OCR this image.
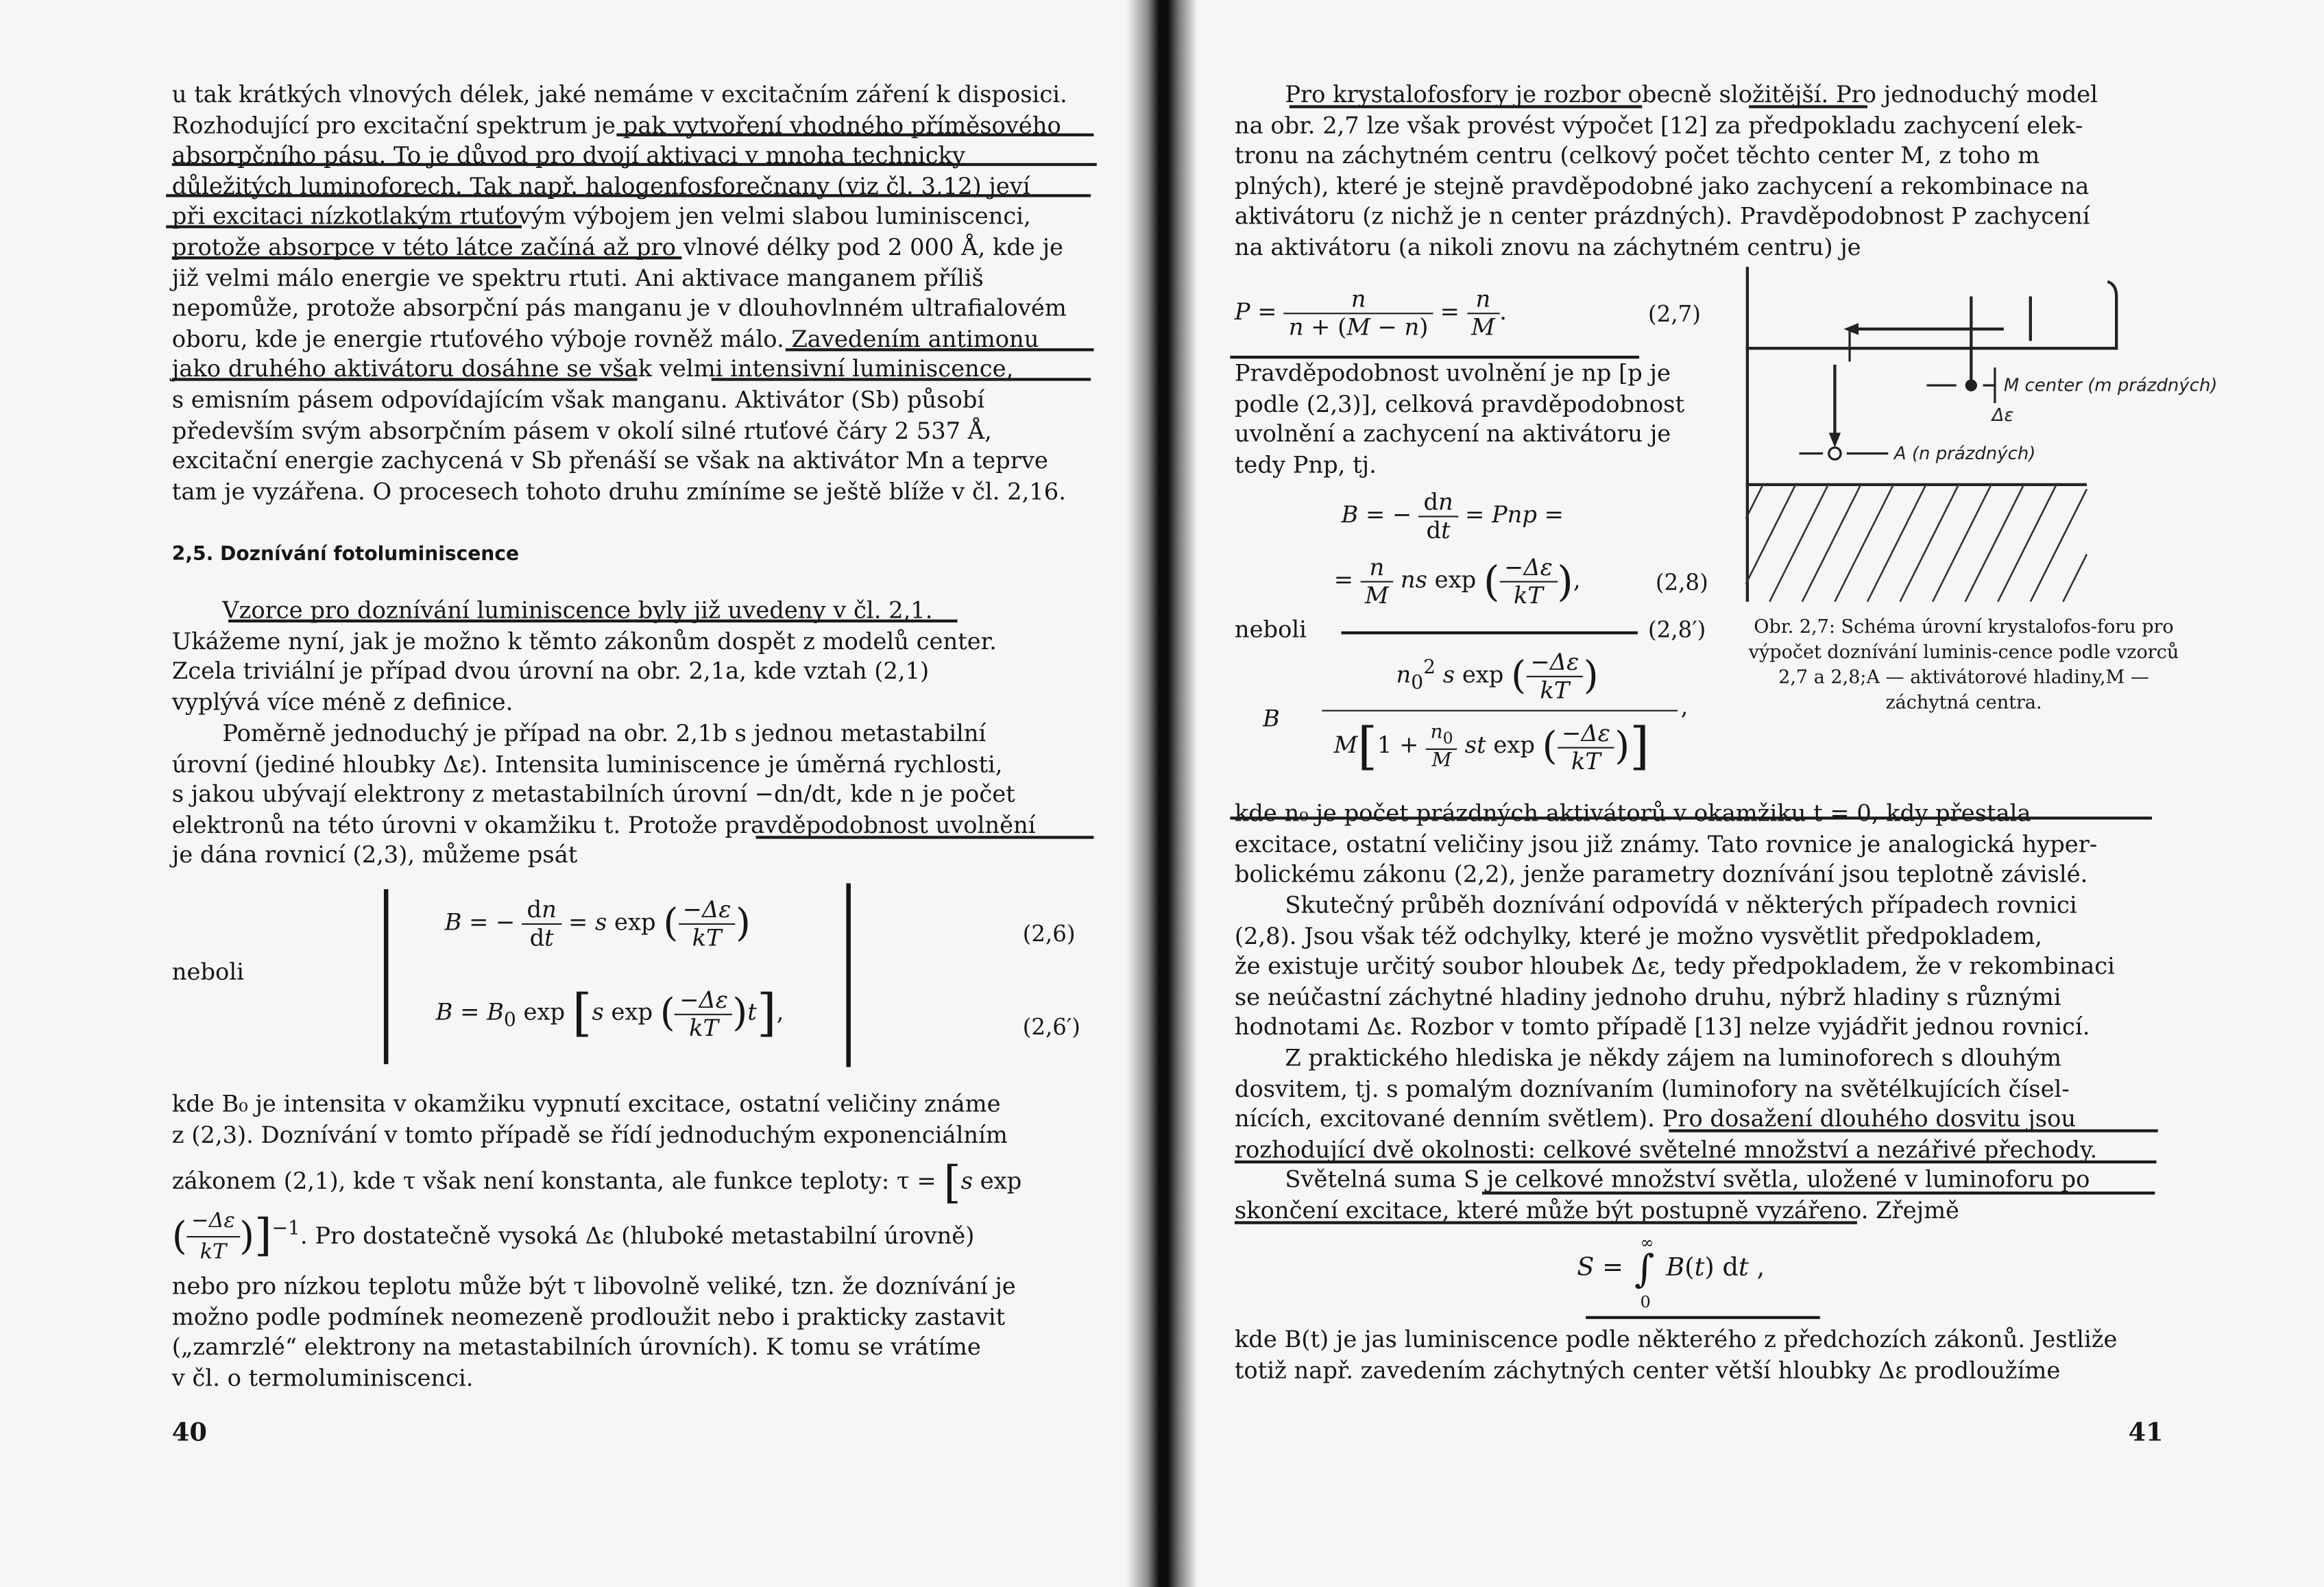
u tak krátkých vlnových délek, jaké nemáme v excitačním záření k disposici.
Rozhodující pro excitační spektrum je pak vytvoření vhodného příměsového
absorpčního pásu. To je důvod pro dvojí aktivaci v mnoha technicky
důležitých luminoforech. Tak např. halogenfosforečnany (viz čl. 3,12) jeví
při excitaci nízkotlakým rtuťovým výbojem jen velmi slabou luminiscenci,
protože absorpce v této látce začíná až pro vlnové délky pod 2 000 Å, kde je
již velmi málo energie ve spektru rtuti. Ani aktivace manganem příliš
nepomůže, protože absorpční pás manganu je v dlouhovlnném ultrafialovém
oboru, kde je energie rtuťového výboje rovněž málo. Zavedením antimonu
jako druhého aktivátoru dosáhne se však velmi intensivní luminiscence,
s emisním pásem odpovídajícím však manganu. Aktivátor (Sb) působí
především svým absorpčním pásem v okolí silné rtuťové čáry 2 537 Å,
excitační energie zachycená v Sb přenáší se však na aktivátor Mn a teprve
tam je vyzářena. O procesech tohoto druhu zmíníme se ještě blíže v čl. 2,16.
2,5. Doznívání fotoluminiscence
Vzorce pro doznívání luminiscence byly již uvedeny v čl. 2,1.
Ukážeme nyní, jak je možno k těmto zákonům dospět z modelů center.
Zcela triviální je případ dvou úrovní na obr. 2,1a, kde vztah (2,1)
vyplývá více méně z definice.
Poměrně jednoduchý je případ na obr. 2,1b s jednou metastabilní
úrovní (jediné hloubky Δε). Intensita luminiscence je úměrná rychlosti,
s jakou ubývají elektrony z metastabilních úrovní −dn/dt, kde n je počet
elektronů na této úrovni v okamžiku t. Protože pravděpodobnost uvolnění
je dána rovnicí (2,3), můžeme psát
B = − $\frac{dn}{dt} = s$ exp ( $\frac{-\Delta\varepsilon}{kT}$ )	(2,6)
neboli
$B = B_0$ exp [s exp ( $\frac{-\Delta\varepsilon}{kT} )t$],
(2,6′)
kde B₀ je intensita v okamžiku vypnutí excitace, ostatní veličiny známe
z (2,3). Doznívání v tomto případě se řídí jednoduchým exponenciálním
zákonem (2,1), kde τ však není konstanta, ale funkce teploty: τ = [s exp
( $\frac{-\Delta\varepsilon}{kT} )]^{-1}$. Pro dostatečně vysoká Δε (hluboké metastabilní úrovně)
nebo pro nízkou teplotu může být τ libovolně veliké, tzn. že doznívání je
možno podle podmínek neomezeně prodloužit nebo i prakticky zastavit
(„zamrzlé“ elektrony na metastabilních úrovních). K tomu se vrátíme
v čl. o termoluminiscenci.
40
Pro krystalofosfory je rozbor obecně složitější. Pro jednoduchý model
na obr. 2,7 lze však provést výpočet [12] za předpokladu zachycení elek-
tronu na záchytném centru (celkový počet těchto center M, z toho m
plných), které je stejně pravděpodobné jako zachycení a rekombinace na
aktivátoru (z nichž je n center prázdných). Pravděpodobnost P zachycení
na aktivátoru (a nikoli znovu na záchytném centru) je
$P = \frac{n}{n + (M - n)} = \frac{n}{M}$ .	(2,7)
Pravděpodobnost uvolnění je np [p je
podle (2,3)], celková pravděpodobnost
uvolnění a zachycení na aktivátoru je
tedy Pnp, tj.
B = − $\frac{dn}{dt}$ = Pnp =
= $\frac{n}{M}$ ns exp ( $\frac{-\Delta\varepsilon}{kT}$ ),	(2,8)
neboli	(2,8′)
B
$n_0^2$ s exp ( $\frac{-\Delta\varepsilon}{kT}$ )
,
$M[1 + \frac{n_0}{M}$ st exp ( $\frac{-\Delta\varepsilon}{kT}$ )]
M center (m prázdných)
Δε
A (n prázdných)
Obr. 2,7: Schéma úrovní krystalofos-foru pro výpočet doznívání luminis-cence podle vzorců 2,7 a 2,8;A — aktivátorové hladiny,M — záchytná centra.
kde n₀ je počet prázdných aktivátorů v okamžiku t = 0, kdy přestala
excitace, ostatní veličiny jsou již známy. Tato rovnice je analogická hyper-
bolickému zákonu (2,2), jenže parametry doznívání jsou teplotně závislé.
Skutečný průběh doznívání odpovídá v některých případech rovnici
(2,8). Jsou však též odchylky, které je možno vysvětlit předpokladem,
že existuje určitý soubor hloubek Δε, tedy předpokladem, že v rekombinaci
se neúčastní záchytné hladiny jednoho druhu, nýbrž hladiny s různými
hodnotami Δε. Rozbor v tomto případě [13] nelze vyjádřit jednou rovnicí.
Z praktického hlediska je někdy zájem na luminoforech s dlouhým
dosvitem, tj. s pomalým doznívaním (luminofory na světélkujících čísel-
nících, excitované denním světlem). Pro dosažení dlouhého dosvitu jsou
rozhodující dvě okolnosti: celkové světelné množství a nezářivé přechody.
Světelná suma S je celkové množství světla, uložené v luminoforu po
skončení excitace, které může být postupně vyzářeno. Zřejmě
S =
∞
∫
0
B(t) dt ,
kde B(t) je jas luminiscence podle některého z předchozích zákonů. Jestliže
totiž např. zavedením záchytných center větší hloubky Δε prodloužíme
41
